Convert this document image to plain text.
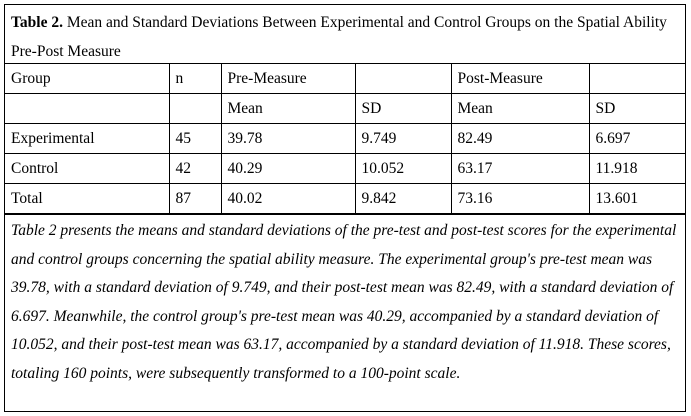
Table 2. Mean and Standard Deviations Between Experimental and Control Groups on the Spatial Ability Pre-Post Measure
Group	n	Pre-Measure		Post-Measure	
		Mean	SD	Mean	SD
Experimental	45	39.78	9.749	82.49	6.697
Control	42	40.29	10.052	63.17	11.918
Total	87	40.02	9.842	73.16	13.601
Table 2 presents the means and standard deviations of the pre-test and post-test scores for the experimental and control groups concerning the spatial ability measure. The experimental group's pre-test mean was 39.78, with a standard deviation of 9.749, and their post-test mean was 82.49, with a standard deviation of 6.697. Meanwhile, the control group's pre-test mean was 40.29, accompanied by a standard deviation of 10.052, and their post-test mean was 63.17, accompanied by a standard deviation of 11.918. These scores, totaling 160 points, were subsequently transformed to a 100-point scale.
